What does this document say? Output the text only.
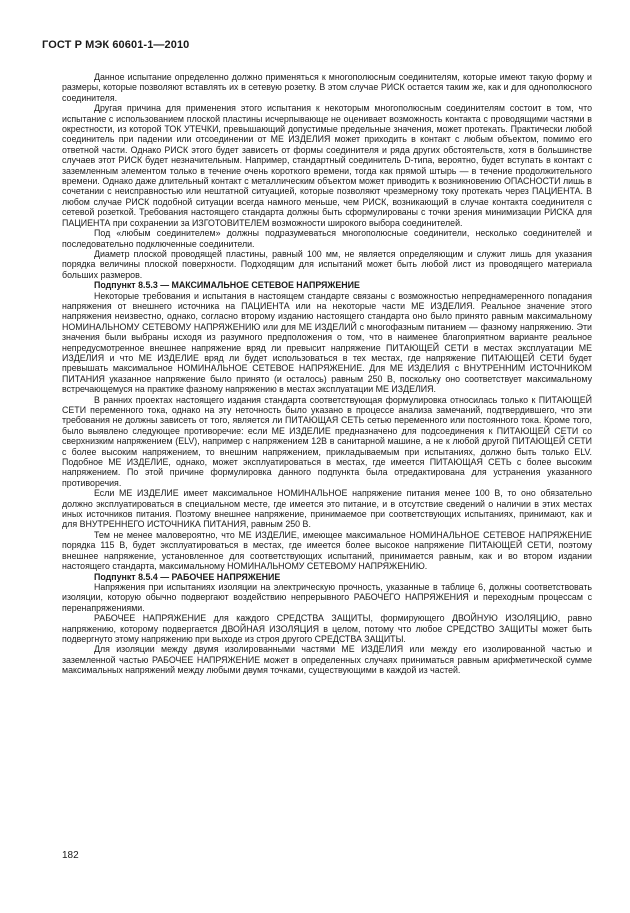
ГОСТ Р МЭК 60601-1—2010

Данное испытание определенно должно применяться к многополюсным соединителям, которые имеют такую форму и размеры, которые позволяют вставлять их в сетевую розетку. В этом случае РИСК остается таким же, как и для однополюсного соединителя.

Другая причина для применения этого испытания к некоторым многополюсным соединителям состоит в том, что испытание с использованием плоской пластины исчерпывающе не оценивает возможность контакта с проводящими частями в окрестности, из которой ТОК УТЕЧКИ, превышающий допустимые предельные значения, может протекать. Практически любой соединитель при падении или отсоединении от МЕ ИЗДЕЛИЯ может приходить в контакт с любым объектом, помимо его ответной части. Однако РИСК этого будет зависеть от формы соединителя и ряда других обстоятельств, хотя в большинстве случаев этот РИСК будет незначительным. Например, стандартный соединитель D-типа, вероятно, будет вступать в контакт с заземленным элементом только в течение очень короткого времени, тогда как прямой штырь — в течение продолжительного времени. Однако даже длительный контакт с металлическим объектом может приводить к возникновению ОПАСНОСТИ лишь в сочетании с неисправностью или нештатной ситуацией, которые позволяют чрезмерному току протекать через ПАЦИЕНТА. В любом случае РИСК подобной ситуации всегда намного меньше, чем РИСК, возникающий в случае контакта соединителя с сетевой розеткой. Требования настоящего стандарта должны быть сформулированы с точки зрения минимизации РИСКА для ПАЦИЕНТА при сохранении за ИЗГОТОВИТЕЛЕМ возможности широкого выбора соединителей.

Под «любым соединителем» должны подразумеваться многополюсные соединители, несколько соединителей и последовательно подключенные соединители.

Диаметр плоской проводящей пластины, равный 100 мм, не является определяющим и служит лишь для указания порядка величины плоской поверхности. Подходящим для испытаний может быть любой лист из проводящего материала больших размеров.

Подпункт 8.5.3 — МАКСИМАЛЬНОЕ СЕТЕВОЕ НАПРЯЖЕНИЕ

Некоторые требования и испытания в настоящем стандарте связаны с возможностью непреднамеренного попадания напряжения от внешнего источника на ПАЦИЕНТА или на некоторые части МЕ ИЗДЕЛИЯ. Реальное значение этого напряжения неизвестно, однако, согласно второму изданию настоящего стандарта оно было принято равным максимальному НОМИНАЛЬНОМУ СЕТЕВОМУ НАПРЯЖЕНИЮ или для МЕ ИЗДЕЛИЙ с многофазным питанием — фазному напряжению. Эти значения были выбраны исходя из разумного предположения о том, что в наименее благоприятном варианте реальное непредусмотренное внешнее напряжение вряд ли превысит напряжение ПИТАЮЩЕЙ СЕТИ в местах эксплуатации МЕ ИЗДЕЛИЯ и что МЕ ИЗДЕЛИЕ вряд ли будет использоваться в тех местах, где напряжение ПИТАЮЩЕЙ СЕТИ будет превышать максимальное НОМИНАЛЬНОЕ СЕТЕВОЕ НАПРЯЖЕНИЕ. Для МЕ ИЗДЕЛИЯ с ВНУТРЕННИМ ИСТОЧНИКОМ ПИТАНИЯ указанное напряжение было принято (и осталось) равным 250 В, поскольку оно соответствует максимальному встречающемуся на практике фазному напряжению в местах эксплуатации МЕ ИЗДЕЛИЯ.

В ранних проектах настоящего издания стандарта соответствующая формулировка относилась только к ПИТАЮЩЕЙ СЕТИ переменного тока, однако на эту неточность было указано в процессе анализа замечаний, подтвердившего, что эти требования не должны зависеть от того, является ли ПИТАЮЩАЯ СЕТЬ сетью переменного или постоянного тока. Кроме того, было выявлено следующее противоречие: если МЕ ИЗДЕЛИЕ предназначено для подсоединения к ПИТАЮЩЕЙ СЕТИ со сверхнизким напряжением (ELV), например с напряжением 12В в санитарной машине, а не к любой другой ПИТАЮЩЕЙ СЕТИ с более высоким напряжением, то внешним напряжением, прикладываемым при испытаниях, должно быть только ELV. Подобное МЕ ИЗДЕЛИЕ, однако, может эксплуатироваться в местах, где имеется ПИТАЮЩАЯ СЕТЬ с более высоким напряжением. По этой причине формулировка данного подпункта была отредактирована для устранения указанного противоречия.

Если МЕ ИЗДЕЛИЕ имеет максимальное НОМИНАЛЬНОЕ напряжение питания менее 100 В, то оно обязательно должно эксплуатироваться в специальном месте, где имеется это питание, и в отсутствие сведений о наличии в этих местах иных источников питания. Поэтому внешнее напряжение, принимаемое при соответствующих испытаниях, принимают, как и для ВНУТРЕННЕГО ИСТОЧНИКА ПИТАНИЯ, равным 250 В.

Тем не менее маловероятно, что МЕ ИЗДЕЛИЕ, имеющее максимальное НОМИНАЛЬНОЕ СЕТЕВОЕ НАПРЯЖЕНИЕ порядка 115 В, будет эксплуатироваться в местах, где имеется более высокое напряжение ПИТАЮЩЕЙ СЕТИ, поэтому внешнее напряжение, установленное для соответствующих испытаний, принимается равным, как и во втором издании настоящего стандарта, максимальному НОМИНАЛЬНОМУ СЕТЕВОМУ НАПРЯЖЕНИЮ.

Подпункт 8.5.4 — РАБОЧЕЕ НАПРЯЖЕНИЕ

Напряжения при испытаниях изоляции на электрическую прочность, указанные в таблице 6, должны соответствовать изоляции, которую обычно подвергают воздействию непрерывного РАБОЧЕГО НАПРЯЖЕНИЯ и переходным процессам с перенапряжениями.

РАБОЧЕЕ НАПРЯЖЕНИЕ для каждого СРЕДСТВА ЗАЩИТЫ, формирующего ДВОЙНУЮ ИЗОЛЯЦИЮ, равно напряжению, которому подвергается ДВОЙНАЯ ИЗОЛЯЦИЯ в целом, потому что любое СРЕДСТВО ЗАЩИТЫ может быть подвергнуто этому напряжению при выходе из строя другого СРЕДСТВА ЗАЩИТЫ.

Для изоляции между двумя изолированными частями МЕ ИЗДЕЛИЯ или между его изолированной частью и заземленной частью РАБОЧЕЕ НАПРЯЖЕНИЕ может в определенных случаях приниматься равным арифметической сумме максимальных напряжений между любыми двумя точками, существующими в каждой из частей.

182
